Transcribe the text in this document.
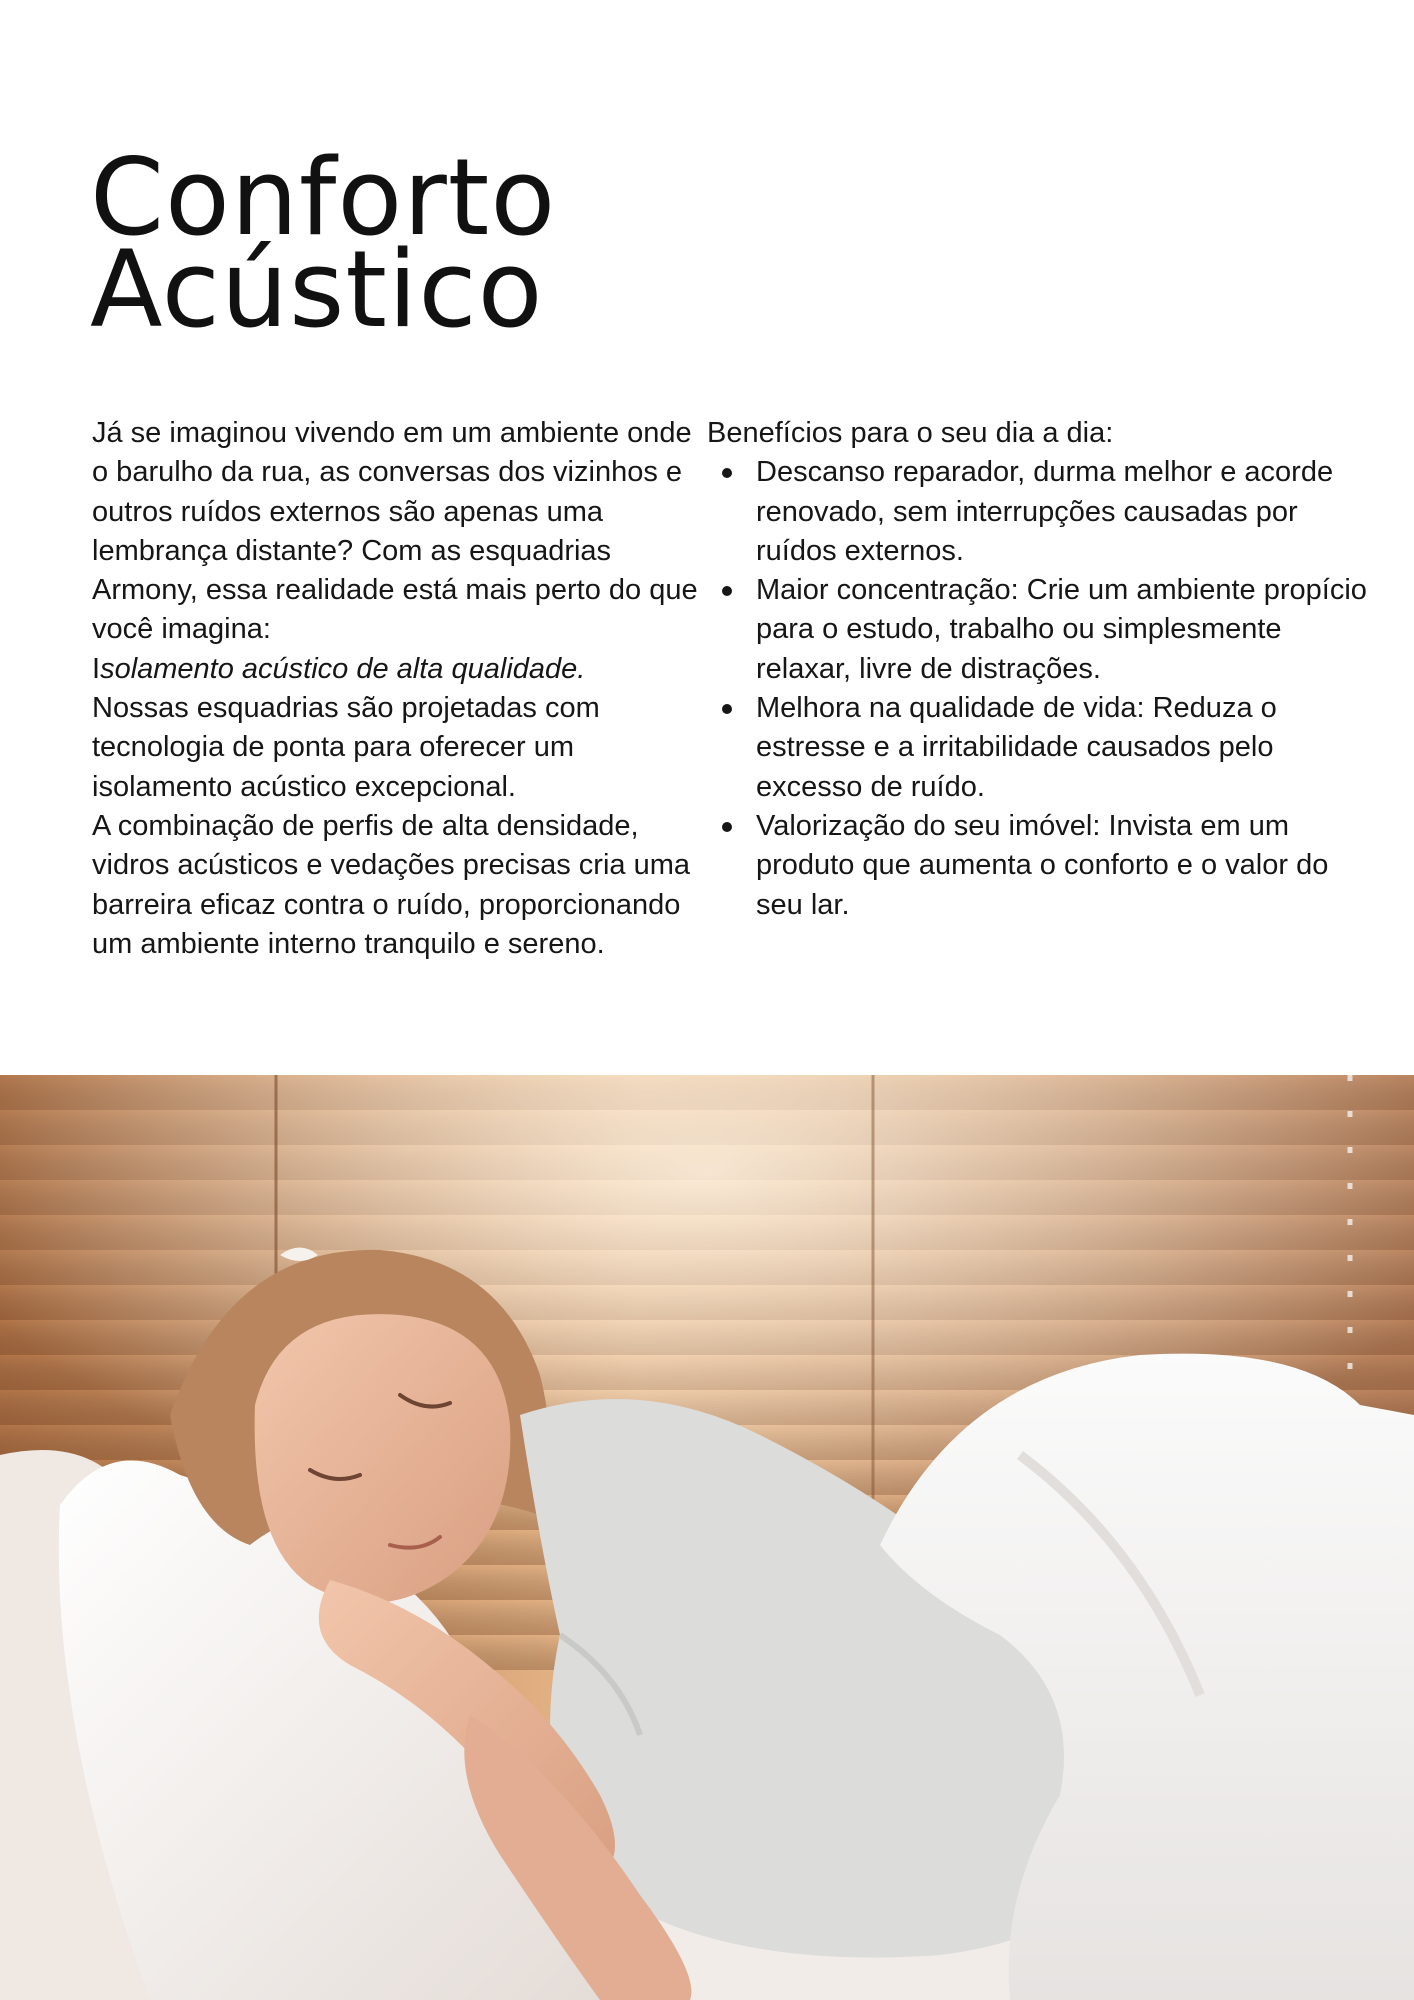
Conforto
Acústico

Já se imaginou vivendo em um ambiente onde o barulho da rua, as conversas dos vizinhos e outros ruídos externos são apenas uma lembrança distante? Com as esquadrias Armony, essa realidade está mais perto do que você imagina:

Isolamento acústico de alta qualidade.

Nossas esquadrias são projetadas com tecnologia de ponta para oferecer um isolamento acústico excepcional.

A combinação de perfis de alta densidade, vidros acústicos e vedações precisas cria uma barreira eficaz contra o ruído, proporcionando um ambiente interno tranquilo e sereno.

Benefícios para o seu dia a dia:

Descanso reparador, durma melhor e acorde renovado, sem interrupções causadas por ruídos externos.
Maior concentração: Crie um ambiente propício para o estudo, trabalho ou simplesmente relaxar, livre de distrações.
Melhora na qualidade de vida: Reduza o estresse e a irritabilidade causados pelo excesso de ruído.
Valorização do seu imóvel: Invista em um produto que aumenta o conforto e o valor do seu lar.
